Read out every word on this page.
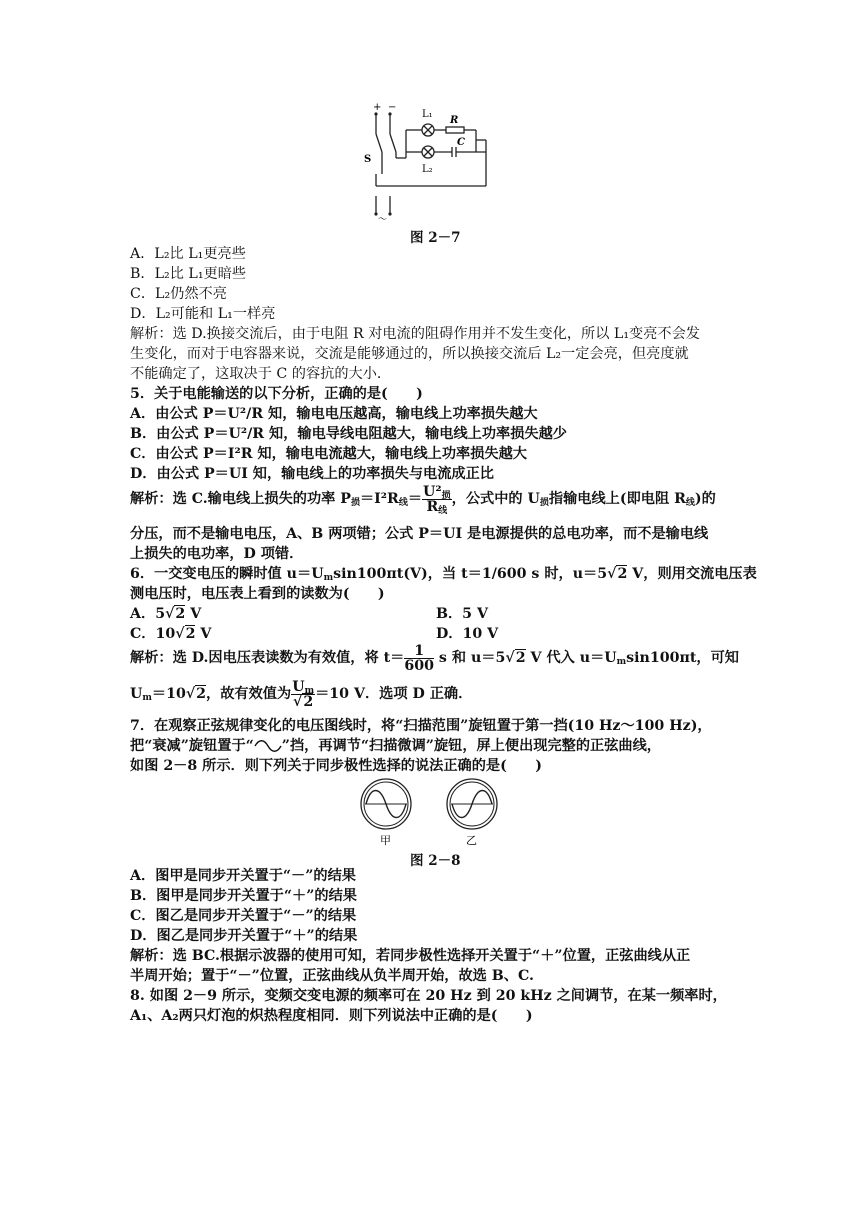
+ −
L₁
R
C
L₂
S
～
图 2－7
A．L₂比 L₁更亮些
B．L₂比 L₁更暗些
C．L₂仍然不亮
D．L₂可能和 L₁一样亮
解析：选 D.换接交流后，由于电阻 R 对电流的阻碍作用并不发生变化，所以 L₁变亮不会发
生变化，而对于电容器来说，交流是能够通过的，所以换接交流后 L₂一定会亮，但亮度就
不能确定了，这取决于 C 的容抗的大小．
5．关于电能输送的以下分析，正确的是(　　)
A．由公式 P＝U²/R 知，输电电压越高，输电线上功率损失越大
B．由公式 P＝U²/R 知，输电导线电阻越大，输电线上功率损失越少
C．由公式 P＝I²R 知，输电电流越大，输电线上功率损失越大
D．由公式 P＝UI 知，输电线上的功率损失与电流成正比
解析：选 C.输电线上损失的功率 $P_损=I^2R_线= \frac{U^2_损}{R_线}$ ，公式中的 $U_损$指输电线上(即电阻 $R_线$)的
分压，而不是输电电压，A、B 两项错；公式 P＝UI 是电源提供的总电功率，而不是输电线
上损失的电功率，D 项错．
6．一交变电压的瞬时值 $u=U_m\sin 100\pi t(V)$，当 t＝1/600 s 时，u＝5√2 V，则用交流电压表
测电压时，电压表上看到的读数为(　　)
A．5√2 V	B．5 V
C．10√2 V	D．10 V
解析：选 D.因电压表读数为有效值，将 $t= \frac{1}{600}$ s 和 u＝5√2 V 代入 $u=U_m\sin 100\pi t$，可知
$U_m=10√2$，故有效值为 $\frac{U_m}{√2} =10$ V．选项 D 正确．
7．在观察正弦规律变化的电压图线时，将“扫描范围”旋钮置于第一挡(10 Hz～100 Hz)，
把“衰减”旋钮置于“ ”挡，再调节“扫描微调”旋钮，屏上便出现完整的正弦曲线，
如图 2－8 所示．则下列关于同步极性选择的说法正确的是(　　)
甲	乙
图 2－8
A．图甲是同步开关置于“－”的结果
B．图甲是同步开关置于“＋”的结果
C．图乙是同步开关置于“－”的结果
D．图乙是同步开关置于“＋”的结果
解析：选 BC.根据示波器的使用可知，若同步极性选择开关置于“＋”位置，正弦曲线从正
半周开始；置于“－”位置，正弦曲线从负半周开始，故选 B、C.
8. 如图 2－9 所示，变频交变电源的频率可在 20 Hz 到 20 kHz 之间调节，在某一频率时，
A₁、A₂两只灯泡的炽热程度相同．则下列说法中正确的是(　　)
